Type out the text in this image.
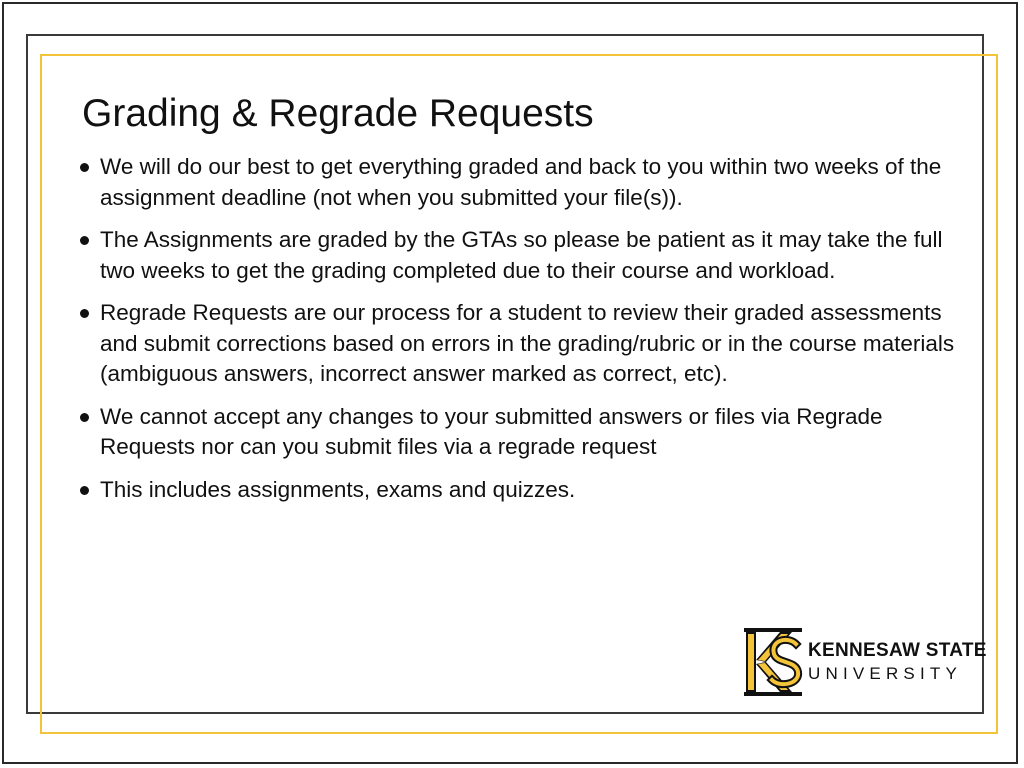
Grading & Regrade Requests
We will do our best to get everything graded and back to you within two weeks of the assignment deadline (not when you submitted your file(s)).
The Assignments are graded by the GTAs so please be patient as it may take the full two weeks to get the grading completed due to their course and workload.
Regrade Requests are our process for a student to review their graded assessments and submit corrections based on errors in the grading/rubric or in the course materials (ambiguous answers, incorrect answer marked as correct, etc).
We cannot accept any changes to your submitted answers or files via Regrade Requests nor can you submit files via a regrade request
This includes assignments, exams and quizzes.
KENNESAW STATE
UNIVERSITY
